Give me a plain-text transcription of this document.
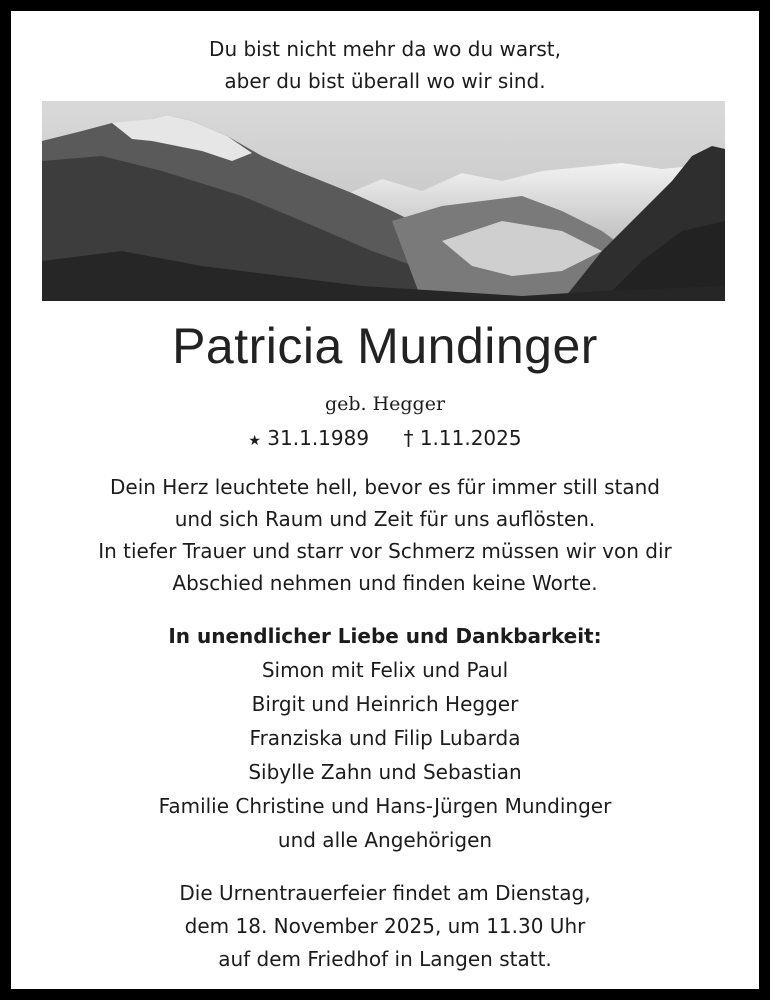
Du bist nicht mehr da wo du warst,
aber du bist überall wo wir sind.
Patricia Mundinger
geb. Hegger
★ 31.1.1989 † 1.11.2025
Dein Herz leuchtete hell, bevor es für immer still stand
und sich Raum und Zeit für uns auflösten.
In tiefer Trauer und starr vor Schmerz müssen wir von dir
Abschied nehmen und finden keine Worte.
In unendlicher Liebe und Dankbarkeit:
Simon mit Felix und Paul
Birgit und Heinrich Hegger
Franziska und Filip Lubarda
Sibylle Zahn und Sebastian
Familie Christine und Hans-Jürgen Mundinger
und alle Angehörigen
Die Urnentrauerfeier findet am Dienstag,
dem 18. November 2025, um 11.30 Uhr
auf dem Friedhof in Langen statt.
